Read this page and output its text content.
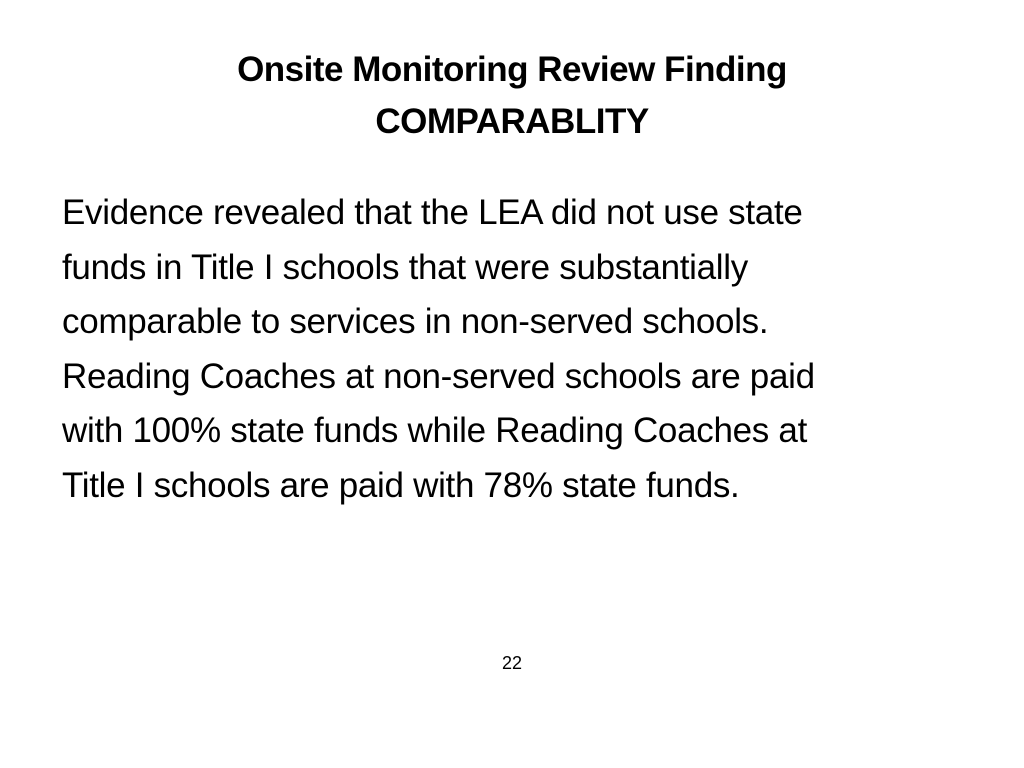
Onsite Monitoring Review Finding
COMPARABLITY
Evidence revealed that the LEA did not use state
funds in Title I schools that were substantially
comparable to services in non-served schools.
Reading Coaches at non-served schools are paid
with 100% state funds while Reading Coaches at
Title I schools are paid with 78% state funds.
22
